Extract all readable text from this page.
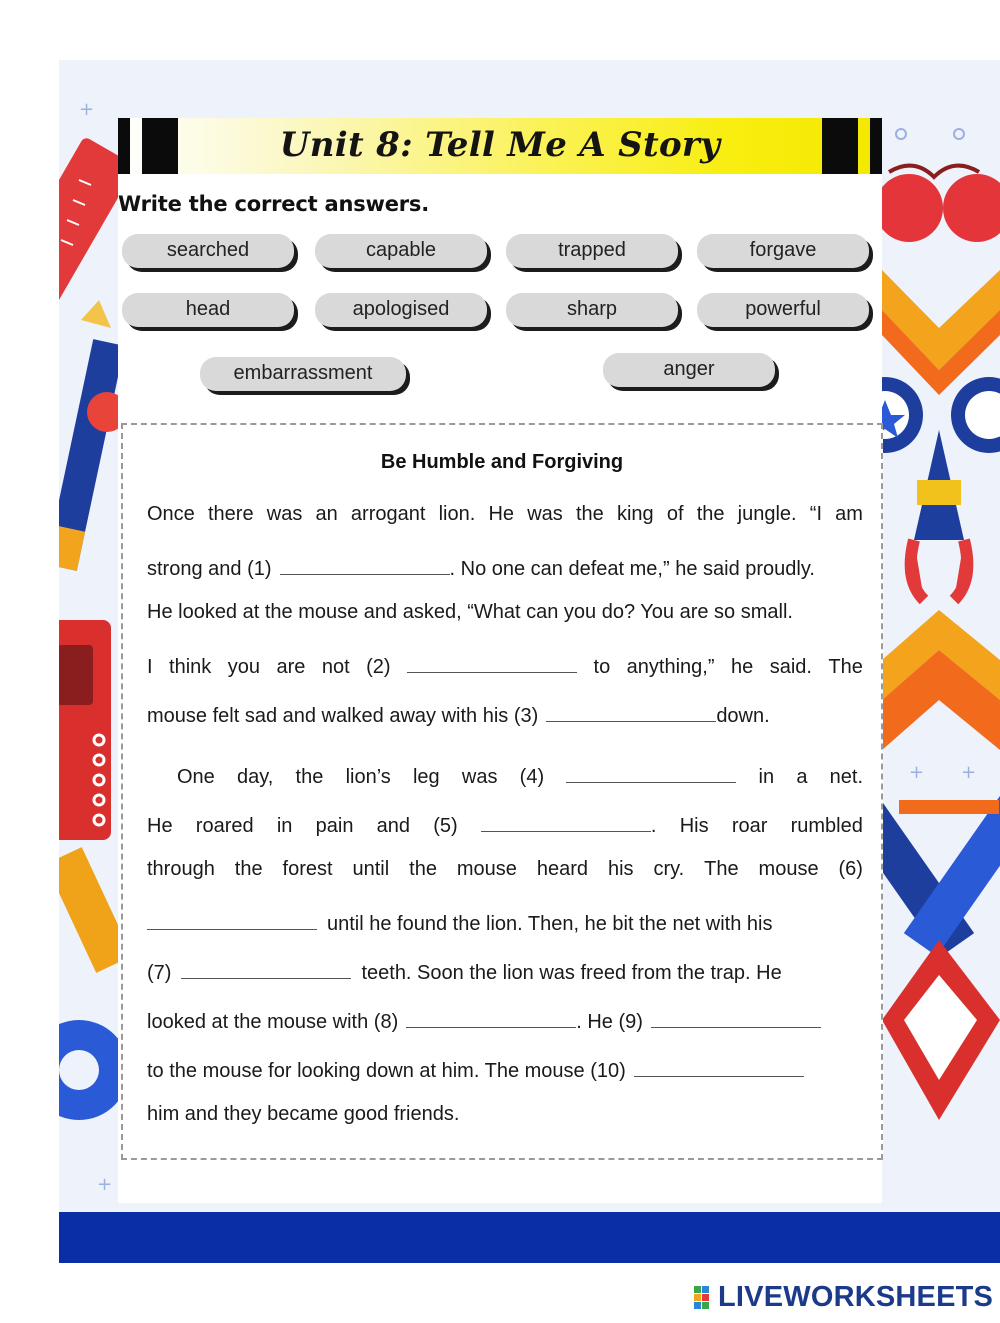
+
+
+ +
Unit 8: Tell Me A Story
Write the correct answers.
searched	capable	trapped	forgave
head	apologised	sharp	powerful
embarrassment	anger
Be Humble and Forgiving
Once there was an arrogant lion. He was the king of the jungle. “I am
strong and (1)	. No one can defeat me,” he said proudly.
He looked at the mouse and asked, “What can you do? You are so small.
I think you are not (2)	to anything,” he said. The
mouse felt sad and walked away with his (3)	down.
One day, the lion’s leg was (4)	in a net.
He roared in pain and (5)	. His roar rumbled
through the forest until the mouse heard his cry. The mouse (6)
until he found the lion. Then, he bit the net with his
(7)	teeth. Soon the lion was freed from the trap. He
looked at the mouse with (8)	. He (9)
to the mouse for looking down at him. The mouse (10)
him and they became good friends.
LIVEWORKSHEETS
